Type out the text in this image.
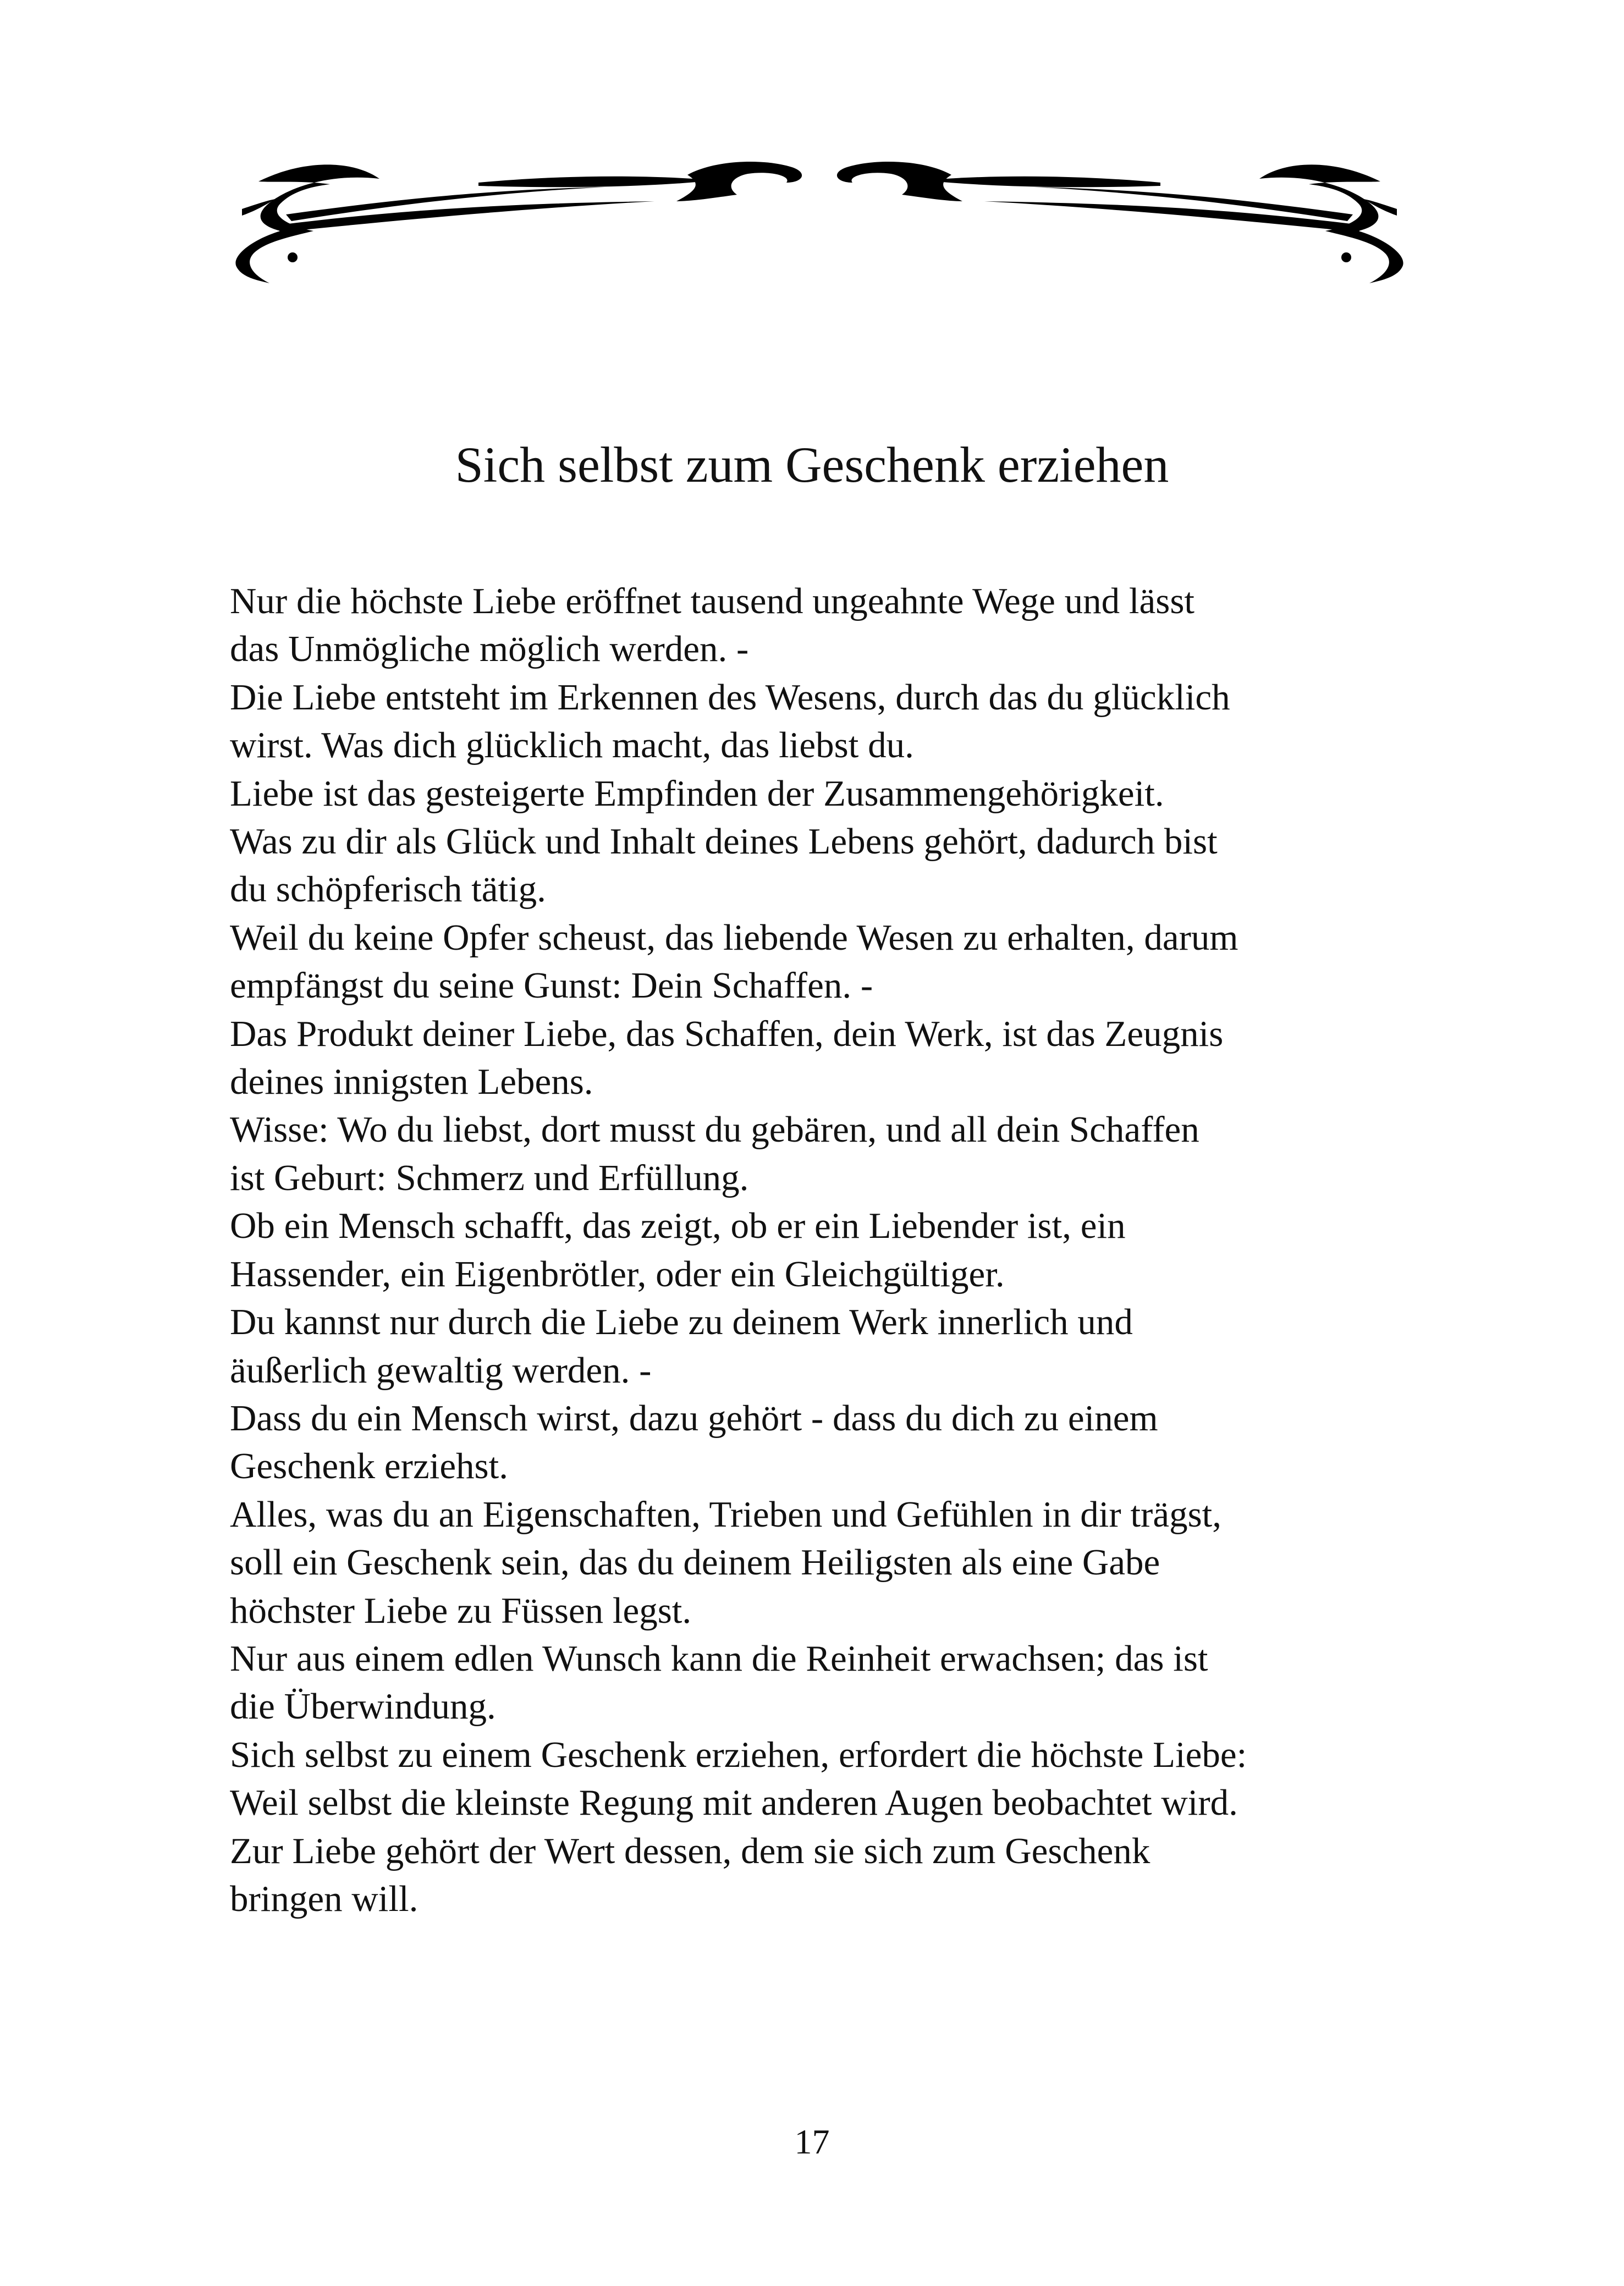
Sich selbst zum Geschenk erziehen
Nur die höchste Liebe eröffnet tausend ungeahnte Wege und lässt
das Unmögliche möglich werden. -
Die Liebe entsteht im Erkennen des Wesens, durch das du glücklich
wirst. Was dich glücklich macht, das liebst du.
Liebe ist das gesteigerte Empfinden der Zusammengehörigkeit.
Was zu dir als Glück und Inhalt deines Lebens gehört, dadurch bist
du schöpferisch tätig.
Weil du keine Opfer scheust, das liebende Wesen zu erhalten, darum
empfängst du seine Gunst: Dein Schaffen. -
Das Produkt deiner Liebe, das Schaffen, dein Werk, ist das Zeugnis
deines innigsten Lebens.
Wisse: Wo du liebst, dort musst du gebären, und all dein Schaffen
ist Geburt: Schmerz und Erfüllung.
Ob ein Mensch schafft, das zeigt, ob er ein Liebender ist, ein
Hassender, ein Eigenbrötler, oder ein Gleichgültiger.
Du kannst nur durch die Liebe zu deinem Werk innerlich und
äußerlich gewaltig werden. -
Dass du ein Mensch wirst, dazu gehört - dass du dich zu einem
Geschenk erziehst.
Alles, was du an Eigenschaften, Trieben und Gefühlen in dir trägst,
soll ein Geschenk sein, das du deinem Heiligsten als eine Gabe
höchster Liebe zu Füssen legst.
Nur aus einem edlen Wunsch kann die Reinheit erwachsen; das ist
die Überwindung.
Sich selbst zu einem Geschenk erziehen, erfordert die höchste Liebe:
Weil selbst die kleinste Regung mit anderen Augen beobachtet wird.
Zur Liebe gehört der Wert dessen, dem sie sich zum Geschenk
bringen will.
17
